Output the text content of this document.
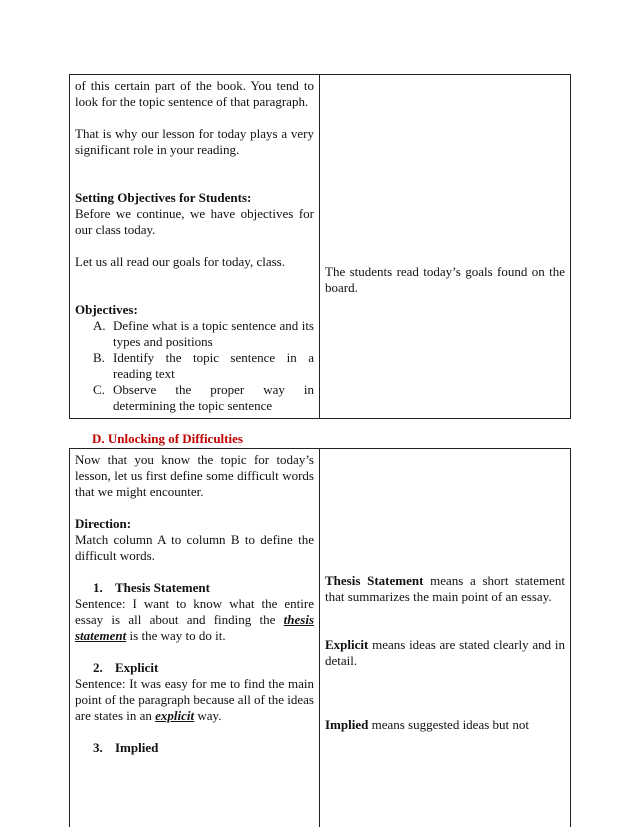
of this certain part of the book. You tend to look for the topic sentence of that paragraph.

That is why our lesson for today plays a very significant role in your reading.

Setting Objectives for Students:

Before we continue, we have objectives for our class today.

Let us all read our goals for today, class.

Objectives:

A. Define what is a topic sentence and its types and positions
B. Identify the topic sentence in a reading text
C. Observe the proper way in determining the topic sentence

The students read today’s goals found on the board.

D. Unlocking of Difficulties

Now that you know the topic for today’s lesson, let us first define some difficult words that we might encounter.

Direction:

Match column A to column B to define the difficult words.

1. Thesis Statement

Sentence: I want to know what the entire essay is all about and finding the thesis statement is the way to do it.

2. Explicit

Sentence: It was easy for me to find the main point of the paragraph because all of the ideas are states in an explicit way.

3. Implied

Thesis Statement means a short statement that summarizes the main point of an essay.

Explicit means ideas are stated clearly and in detail.

Implied means suggested ideas but not
